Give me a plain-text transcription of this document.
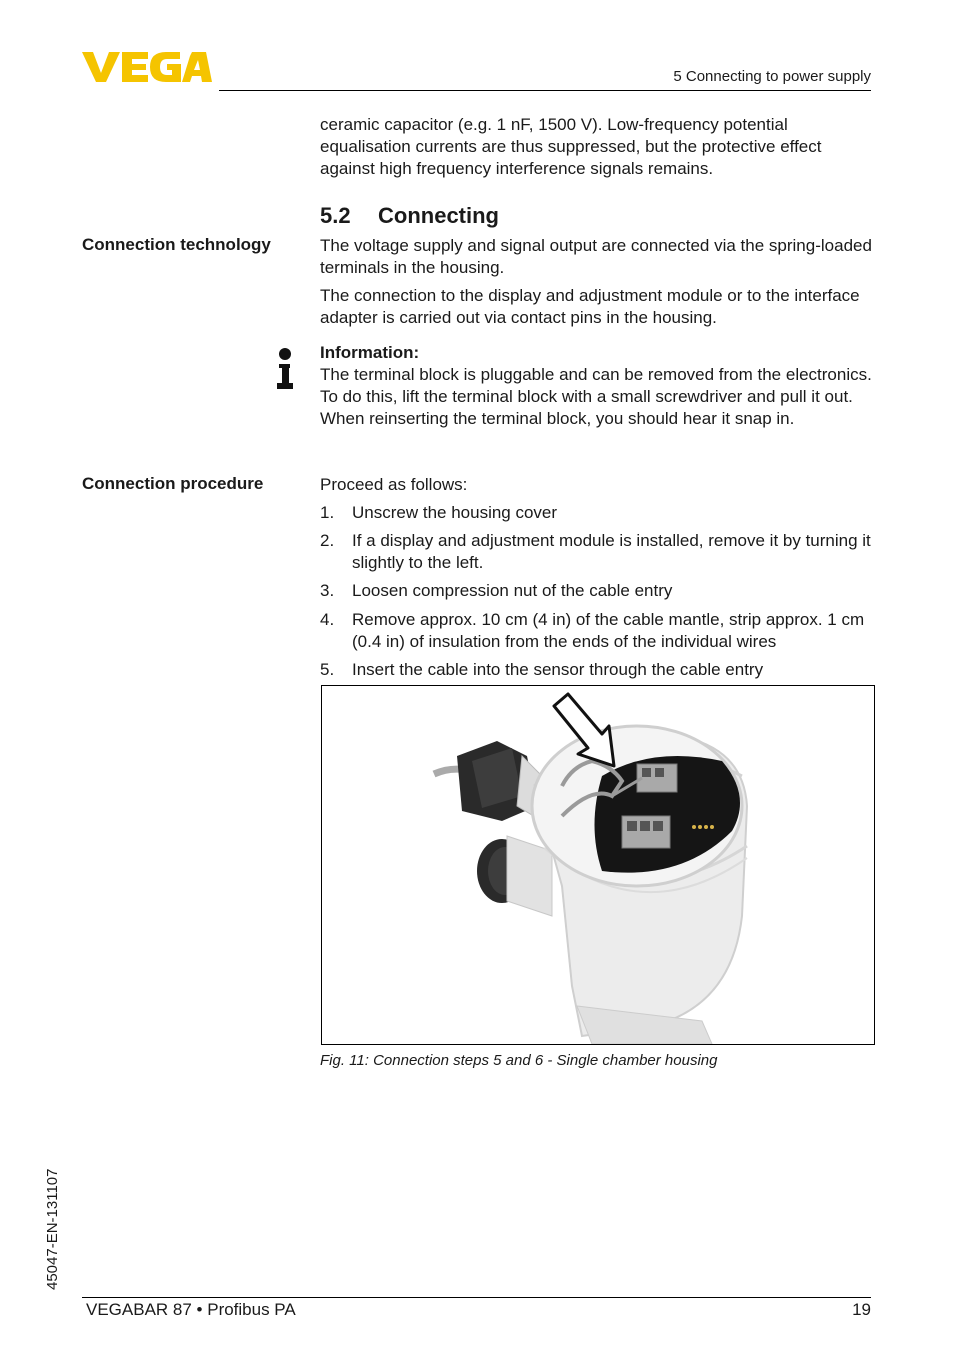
5 Connecting to power supply

ceramic capacitor (e.g. 1 nF, 1500 V). Low-frequency potential equalisation currents are thus suppressed, but the protective effect against high frequency interference signals remains.

5.2 Connecting

Connection technology	The voltage supply and signal output are connected via the spring-loaded terminals in the housing.

The connection to the display and adjustment module or to the interface adapter is carried out via contact pins in the housing.

Information:
The terminal block is pluggable and can be removed from the electronics. To do this, lift the terminal block with a small screwdriver and pull it out. When reinserting the terminal block, you should hear it snap in.

Connection procedure	Proceed as follows:

1. Unscrew the housing cover
2. If a display and adjustment module is installed, remove it by turning it slightly to the left.
3. Loosen compression nut of the cable entry
4. Remove approx. 10 cm (4 in) of the cable mantle, strip approx. 1 cm (0.4 in) of insulation from the ends of the individual wires
5. Insert the cable into the sensor through the cable entry

Fig. 11: Connection steps 5 and 6 - Single chamber housing

45047-EN-131107
VEGABAR 87 • Profibus PA	19
